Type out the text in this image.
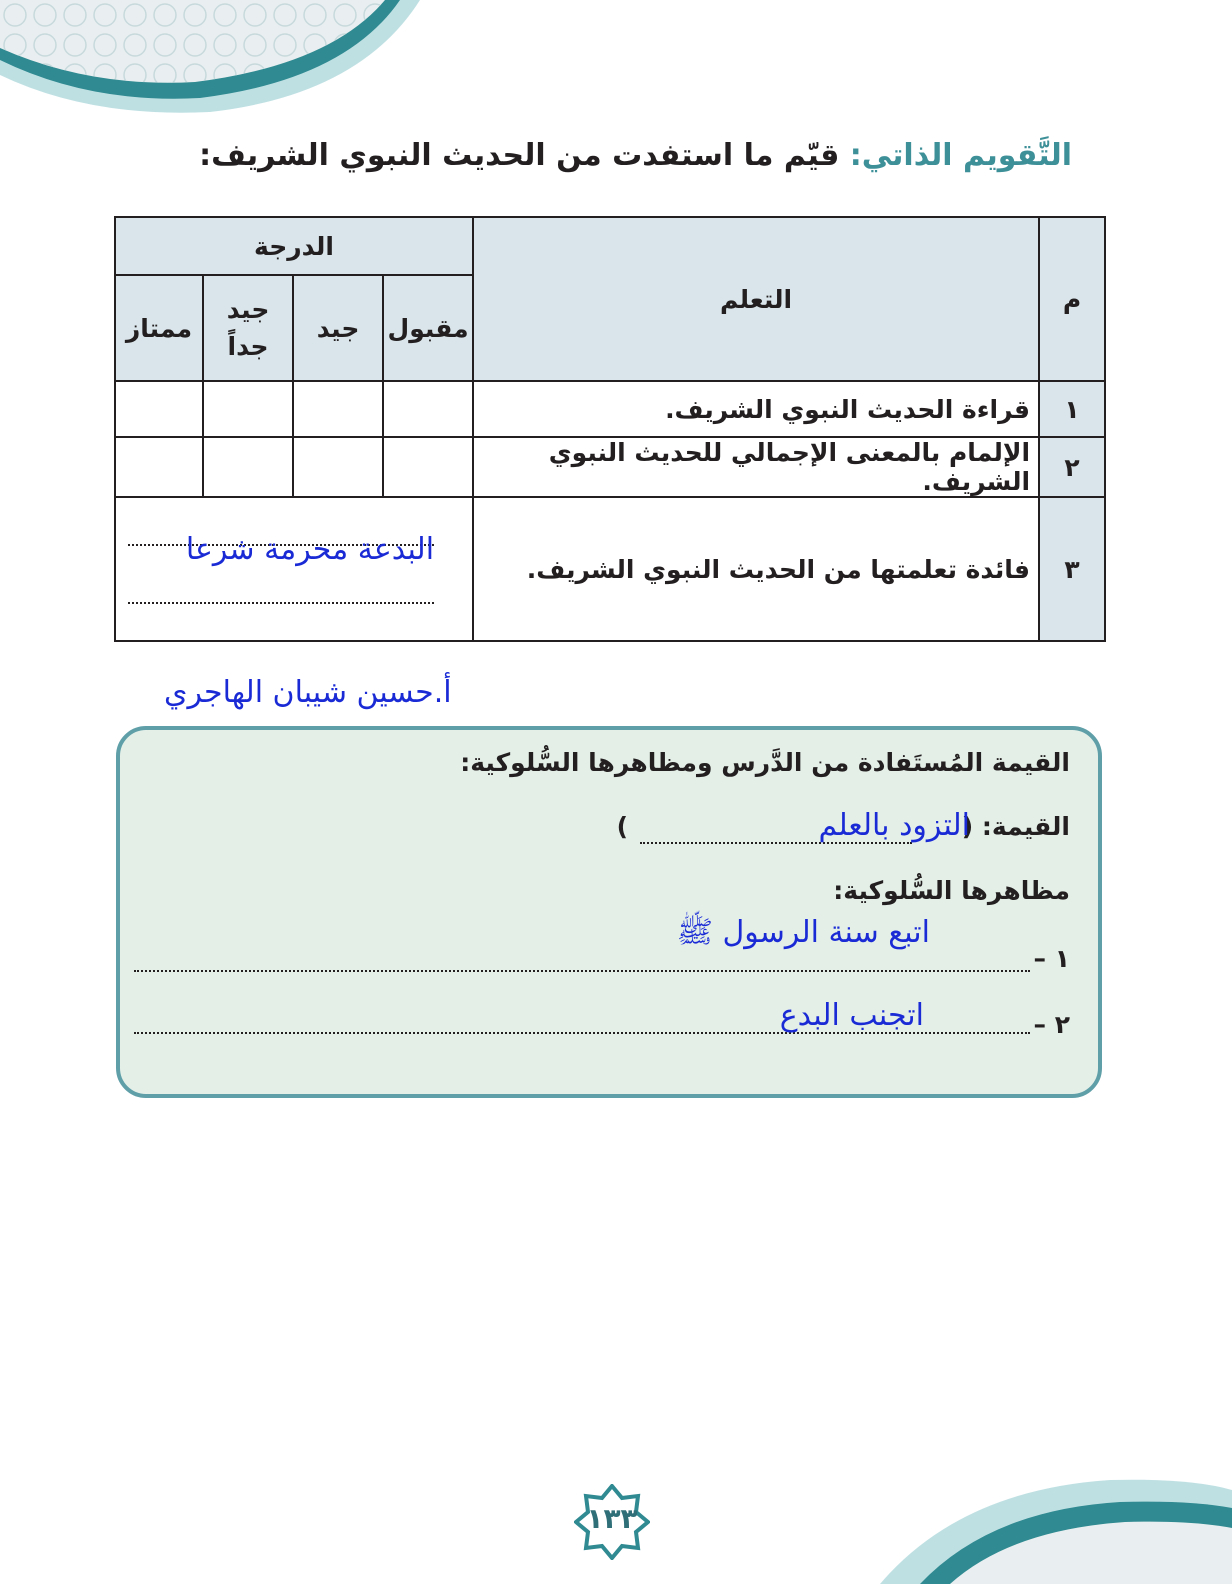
التَّقويم الذاتي: قيّم ما استفدت من الحديث النبوي الشريف:
م	التعلم	الدرجة			
		مقبول	جيد	جيد جداً	ممتاز
١	قراءة الحديث النبوي الشريف.				
٢	الإلمام بالمعنى الإجمالي للحديث النبوي الشريف.				
٣	فائدة تعلمتها من الحديث النبوي الشريف.	البدعة محرمة شرعا			
أ.حسين شيبان الهاجري
القيمة المُستَفادة من الدَّرس ومظاهرها السُّلوكية:
القيمة: (
)	التزود بالعلم
مظاهرها السُّلوكية:
١ –
اتبع سنة الرسول ﷺ
٢ –
اتجنب البدع
١٣٣
